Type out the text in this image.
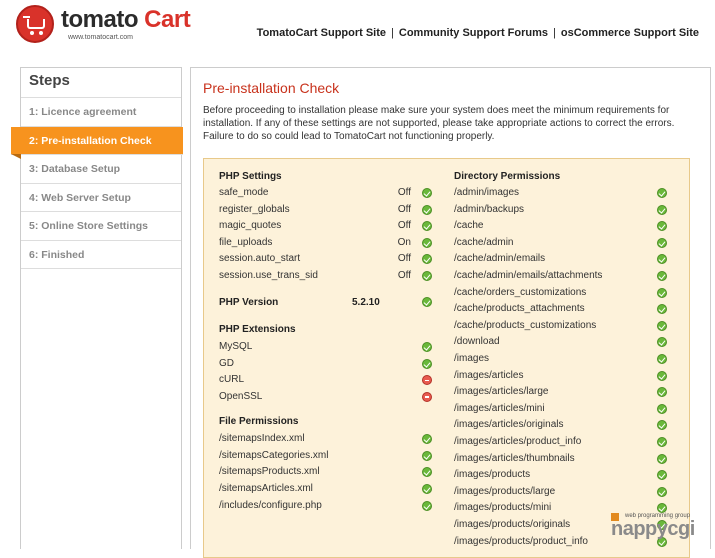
tomato Cart
www.tomatocart.com	TomatoCart Support Site | Community Support Forums | osCommerce Support Site
Steps
1: Licence agreement
2: Pre-installation Check
3: Database Setup
4: Web Server Setup
5: Online Store Settings
6: Finished
Pre-installation Check

Before proceeding to installation please make sure your system does meet the minimum requirements for installation. If any of these settings are not supported, please take appropriate actions to correct the errors. Failure to do so could lead to TomatoCart not functioning properly.

PHP Settings
PHP Version	5.2.10
PHP Extensions
File Permissions
Directory Permissions
safe_mode	Off
register_globals	Off
magic_quotes	Off
file_uploads	On
session.auto_start	Off
session.use_trans_sid	Off
MySQL
GD
cURL
OpenSSL
/sitemapsIndex.xml
/sitemapsCategories.xml
/sitemapsProducts.xml
/sitemapsArticles.xml
/includes/configure.php
/admin/images
/admin/backups
/cache
/cache/admin
/cache/admin/emails
/cache/admin/emails/attachments
/cache/orders_customizations
/cache/products_attachments
/cache/products_customizations
/download
/images
/images/articles
/images/articles/large
/images/articles/mini
/images/articles/originals
/images/articles/product_info
/images/articles/thumbnails
/images/products
/images/products/large
/images/products/mini
/images/products/originals
/images/products/product_info
web programming group
nappycgi
